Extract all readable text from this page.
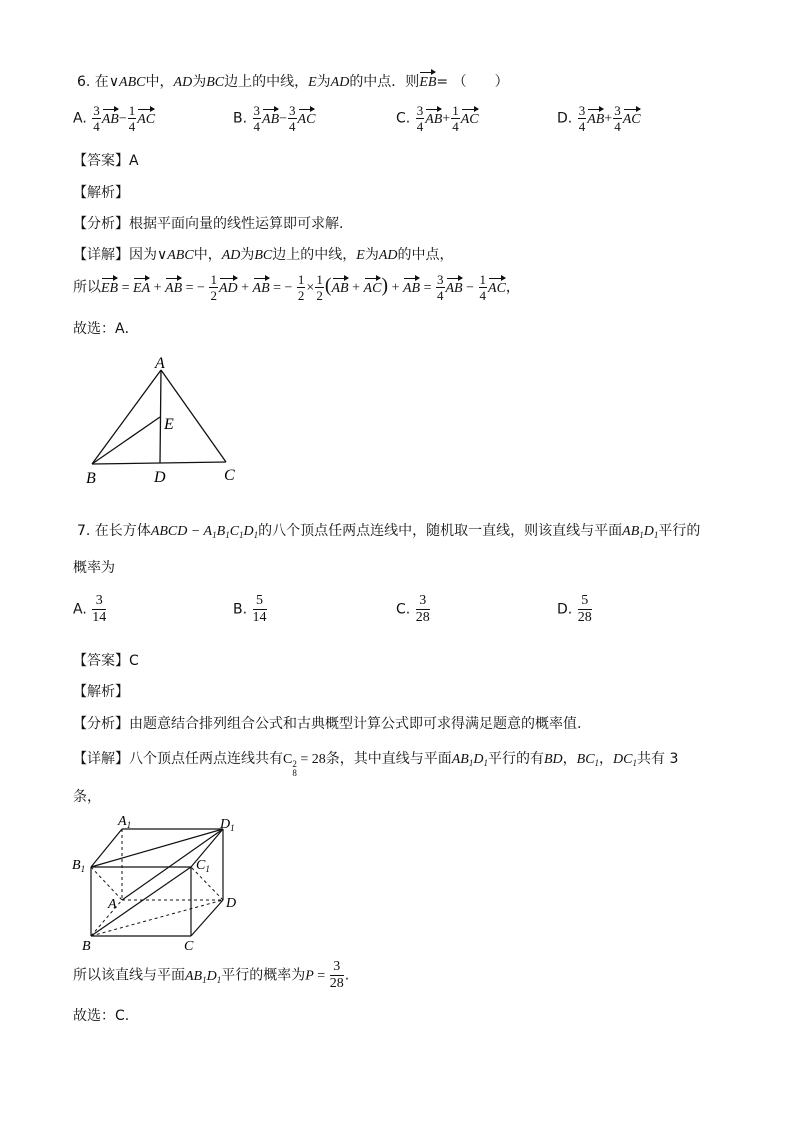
6. 在∨ABC中，AD为BC边上的中线，E为AD的中点．则EB= （　　）
A. $\frac{3}{4} AB- \frac{1}{4}$ AC	B. $\frac{3}{4} AB- \frac{3}{4}$ AC	C. $\frac{3}{4} AB+ \frac{1}{4}$ AC	D. $\frac{3}{4} AB+ \frac{3}{4}$ AC
【答案】A
【解析】
【分析】根据平面向量的线性运算即可求解.
【详解】因为∨ABC中，AD为BC边上的中线，E为AD的中点，
所以EB = EA + AB = − $\frac{1}{2}$ AD + AB = − $\frac{1}{2} \times \frac{1}{2} (AB + AC)$ + AB = $\frac{3}{4}$ AB − $\frac{1}{4}$ AC，
故选：A．
A
E
B	D	C
7. 在长方体ABCD − $A_1B_1C_1D_1$的八个顶点任两点连线中，随机取一直线，则该直线与平面$AB_1D_1$平行的
概率为
A. $\frac{3}{14}$	B. $\frac{5}{14}$	C. $\frac{3}{28}$	D. $\frac{5}{28}$
【答案】C
【解析】
【分析】由题意结合排列组合公式和古典概型计算公式即可求得满足题意的概率值.
【详解】八个顶点任两点连线共有C 2
8
= 28条，其中直线与平面$AB_1D_1$平行的有BD，$BC_1$，$DC_1$共有 3
条，
$A_1$	$D_1$
$B_1$	$C_1$
A	D
B	C
所以该直线与平面$AB_1D_1$平行的概率为$P = \frac{3}{28}$ .
故选：C.
